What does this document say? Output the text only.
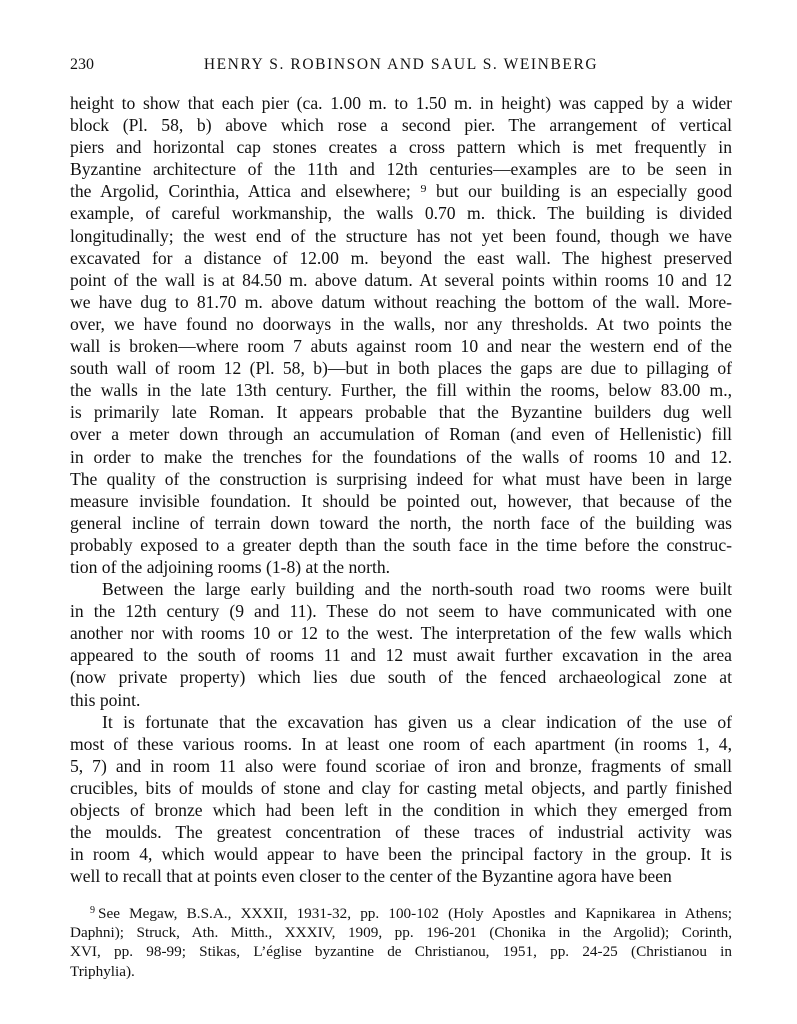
230	HENRY S. ROBINSON AND SAUL S. WEINBERG

height to show that each pier (ca. 1.00 m. to 1.50 m. in height) was capped by a wider
block (Pl. 58, b) above which rose a second pier. The arrangement of vertical
piers and horizontal cap stones creates a cross pattern which is met frequently in
Byzantine architecture of the 11th and 12th centuries—examples are to be seen in
the Argolid, Corinthia, Attica and elsewhere; ⁹ but our building is an especially good
example, of careful workmanship, the walls 0.70 m. thick. The building is divided
longitudinally; the west end of the structure has not yet been found, though we have
excavated for a distance of 12.00 m. beyond the east wall. The highest preserved
point of the wall is at 84.50 m. above datum. At several points within rooms 10 and 12
we have dug to 81.70 m. above datum without reaching the bottom of the wall. More-
over, we have found no doorways in the walls, nor any thresholds. At two points the
wall is broken—where room 7 abuts against room 10 and near the western end of the
south wall of room 12 (Pl. 58, b)—but in both places the gaps are due to pillaging of
the walls in the late 13th century. Further, the fill within the rooms, below 83.00 m.,
is primarily late Roman. It appears probable that the Byzantine builders dug well
over a meter down through an accumulation of Roman (and even of Hellenistic) fill
in order to make the trenches for the foundations of the walls of rooms 10 and 12.
The quality of the construction is surprising indeed for what must have been in large
measure invisible foundation. It should be pointed out, however, that because of the
general incline of terrain down toward the north, the north face of the building was
probably exposed to a greater depth than the south face in the time before the construc-
tion of the adjoining rooms (1-8) at the north.

Between the large early building and the north-south road two rooms were built
in the 12th century (9 and 11). These do not seem to have communicated with one
another nor with rooms 10 or 12 to the west. The interpretation of the few walls which
appeared to the south of rooms 11 and 12 must await further excavation in the area
(now private property) which lies due south of the fenced archaeological zone at
this point.

It is fortunate that the excavation has given us a clear indication of the use of
most of these various rooms. In at least one room of each apartment (in rooms 1, 4,
5, 7) and in room 11 also were found scoriae of iron and bronze, fragments of small
crucibles, bits of moulds of stone and clay for casting metal objects, and partly finished
objects of bronze which had been left in the condition in which they emerged from
the moulds. The greatest concentration of these traces of industrial activity was
in room 4, which would appear to have been the principal factory in the group. It is
well to recall that at points even closer to the center of the Byzantine agora have been

$^9$ See Megaw, B.S.A., XXXII, 1931-32, pp. 100-102 (Holy Apostles and Kapnikarea in Athens;
Daphni); Struck, Ath. Mitth., XXXIV, 1909, pp. 196-201 (Chonika in the Argolid); Corinth,
XVI, pp. 98-99; Stikas, L’église byzantine de Christianou, 1951, pp. 24-25 (Christianou in
Triphylia).
